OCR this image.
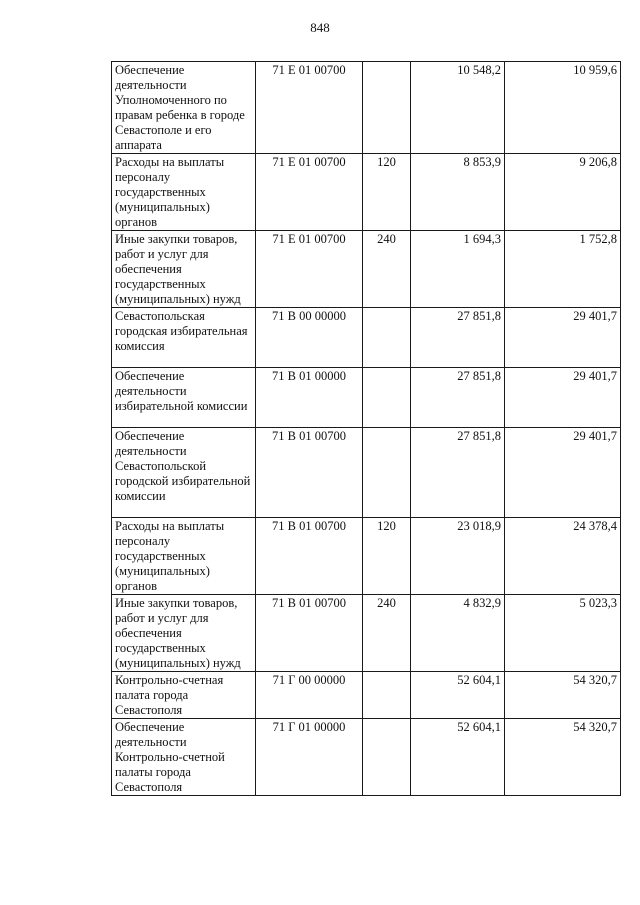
848
Обеспечение деятельности Уполномоченного по правам ребенка в городе Севастополе и его аппарата	71 Е 01 00700		10 548,2	10 959,6
Расходы на выплаты персоналу государственных (муниципальных) органов	71 Е 01 00700	120	8 853,9	9 206,8
Иные закупки товаров, работ и услуг для обеспечения государственных (муниципальных) нужд	71 Е 01 00700	240	1 694,3	1 752,8
Севастопольская городская избирательная комиссия	71 В 00 00000		27 851,8	29 401,7
Обеспечение деятельности избирательной комиссии	71 В 01 00000		27 851,8	29 401,7
Обеспечение деятельности Севастопольской городской избирательной комиссии	71 В 01 00700		27 851,8	29 401,7
Расходы на выплаты персоналу государственных (муниципальных) органов	71 В 01 00700	120	23 018,9	24 378,4
Иные закупки товаров, работ и услуг для обеспечения государственных (муниципальных) нужд	71 В 01 00700	240	4 832,9	5 023,3
Контрольно-счетная палата города Севастополя	71 Г 00 00000		52 604,1	54 320,7
Обеспечение деятельности Контрольно-счетной палаты города Севастополя	71 Г 01 00000		52 604,1	54 320,7
